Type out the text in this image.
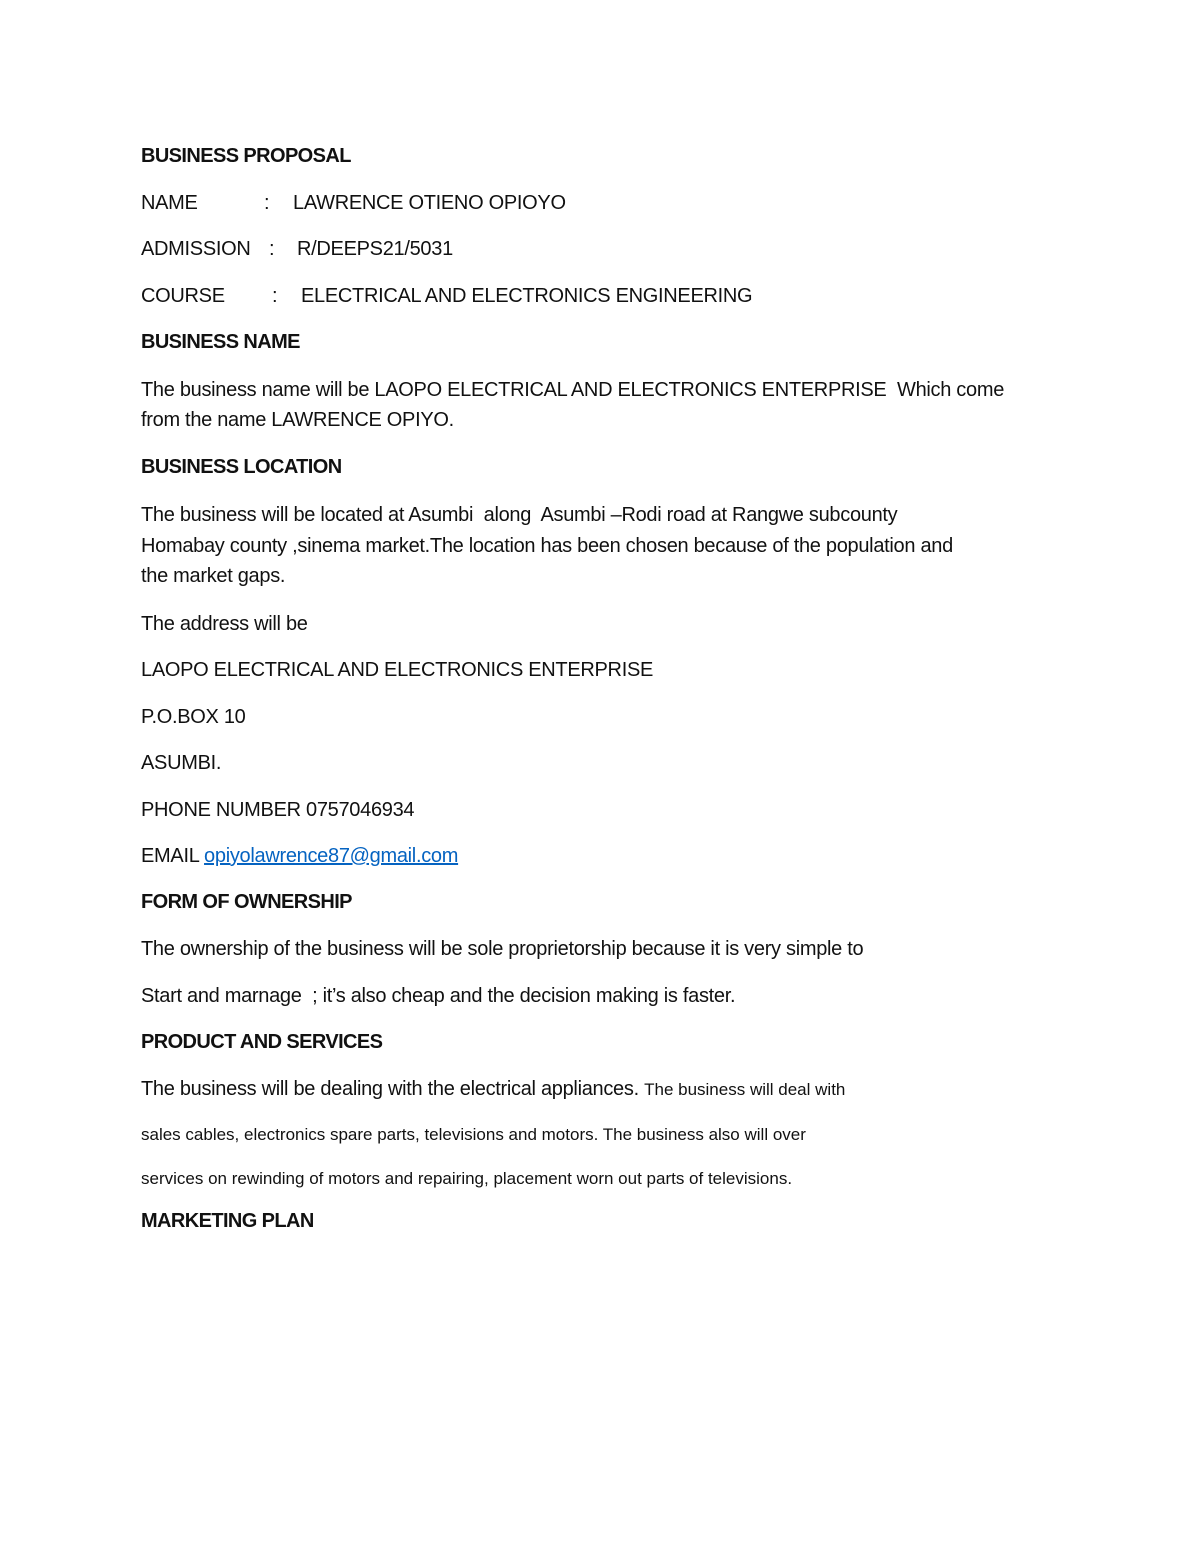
BUSINESS PROPOSAL

NAME	: LAWRENCE OTIENO OPIOYO

ADMISSION : R/DEEPS21/5031

COURSE : ELECTRICAL AND ELECTRONICS ENGINEERING

BUSINESS NAME

The business name will be LAOPO ELECTRICAL AND ELECTRONICS ENTERPRISE  Which come

from the name LAWRENCE OPIYO.

BUSINESS LOCATION

The business will be located at Asumbi  along  Asumbi –Rodi road at Rangwe subcounty

Homabay county ,sinema market.The location has been chosen because of the population and

the market gaps.

The address will be

LAOPO ELECTRICAL AND ELECTRONICS ENTERPRISE

P.O.BOX 10

ASUMBI.

PHONE NUMBER 0757046934

EMAIL opiyolawrence87@gmail.com

FORM OF OWNERSHIP

The ownership of the business will be sole proprietorship because it is very simple to

Start and marnage  ; it’s also cheap and the decision making is faster.

PRODUCT AND SERVICES

The business will be dealing with the electrical appliances. The business will deal with

sales cables, electronics spare parts, televisions and motors. The business also will over

services on rewinding of motors and repairing, placement worn out parts of televisions.

MARKETING PLAN
